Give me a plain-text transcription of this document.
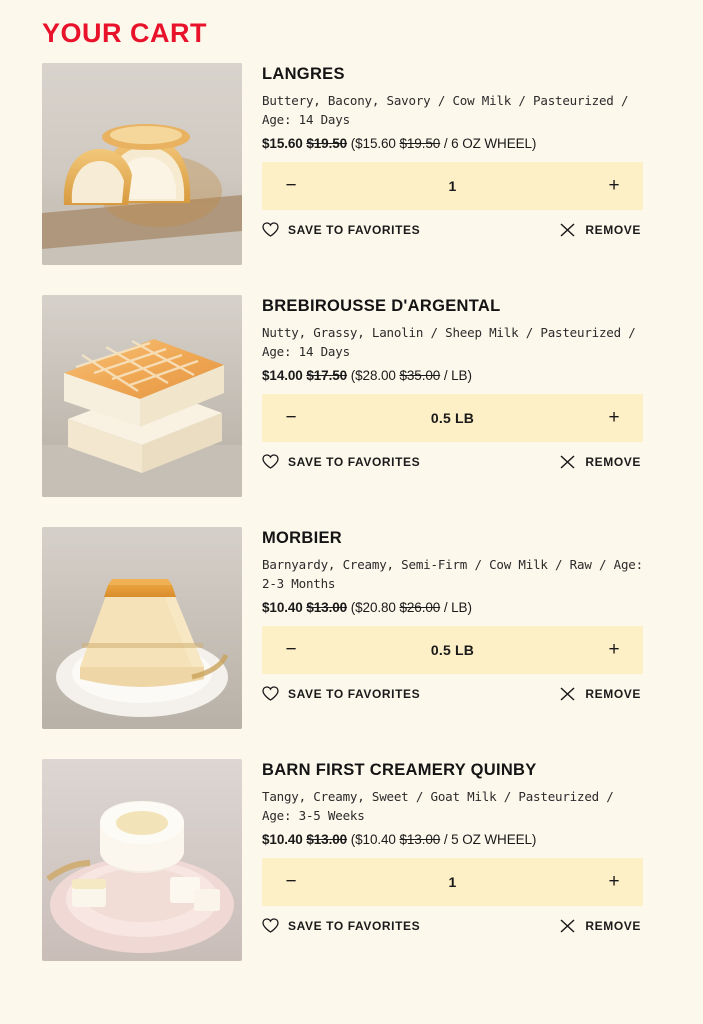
YOUR CART
LANGRES
Buttery, Bacony, Savory / Cow Milk / Pasteurized / Age: 14 Days
$15.60 $19.50 ($15.60 $19.50 / 6 OZ WHEEL)
−	1	+
SAVE TO FAVORITES	REMOVE
BREBIROUSSE D'ARGENTAL
Nutty, Grassy, Lanolin / Sheep Milk / Pasteurized / Age: 14 Days
$14.00 $17.50 ($28.00 $35.00 / LB)
−	0.5 LB	+
SAVE TO FAVORITES	REMOVE
MORBIER
Barnyardy, Creamy, Semi-Firm / Cow Milk / Raw / Age: 2-3 Months
$10.40 $13.00 ($20.80 $26.00 / LB)
−	0.5 LB	+
SAVE TO FAVORITES	REMOVE
BARN FIRST CREAMERY QUINBY
Tangy, Creamy, Sweet / Goat Milk / Pasteurized / Age: 3-5 Weeks
$10.40 $13.00 ($10.40 $13.00 / 5 OZ WHEEL)
−	1	+
SAVE TO FAVORITES	REMOVE
